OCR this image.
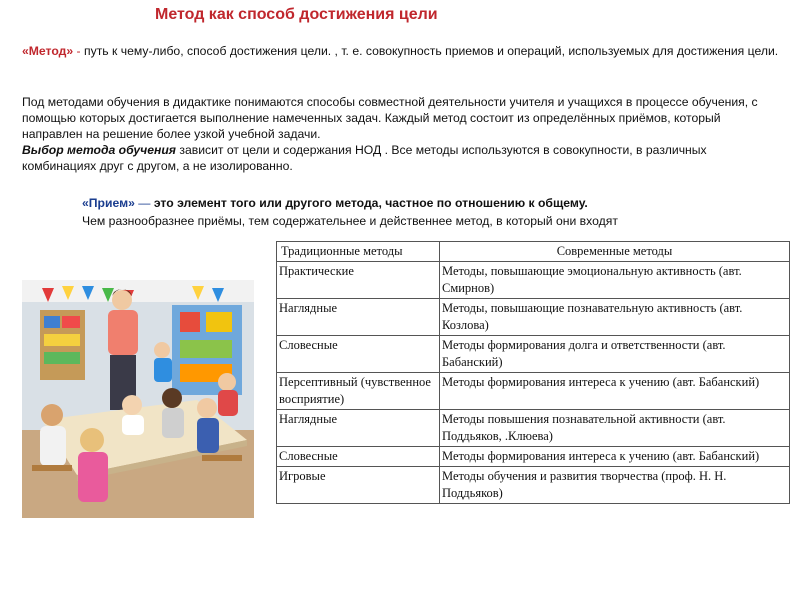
Метод как способ достижения цели
«Метод» - путь к чему-либо, способ достижения цели. , т. е. совокупность приемов и операций, используемых для достижения цели.
Под методами обучения в дидактике понимаются способы совместной деятельности учителя и учащихся в процессе обучения, с помощью которых достигается выполнение намеченных задач. Каждый метод состоит из определённых приёмов, который направлен на решение более узкой учебной задачи.
Выбор метода обучения зависит от цели и содержания НОД . Все методы используются в совокупности, в различных комбинациях друг с другом, а не изолированно.
«Прием» — это элемент того или другого метода, частное по отношению к общему.
Чем разнообразнее приёмы, тем содержательнее и действеннее метод, в который они входят
Традиционные методы	Современные методы
Практические	Методы, повышающие эмоциональную активность (авт. Смирнов)
Наглядные	Методы, повышающие познавательную активность (авт. Козлова)
Словесные	Методы формирования долга и ответственности (авт. Бабанский)
Персептивный (чувственное восприятие)	Методы формирования интереса к учению (авт. Бабанский)
Наглядные	Методы повышения познавательной активности (авт. Поддьяков, .Клюева)
Словесные	Методы формирования интереса к учению (авт. Бабанский)
Игровые	Методы обучения и развития творчества (проф. Н. Н. Поддьяков)
